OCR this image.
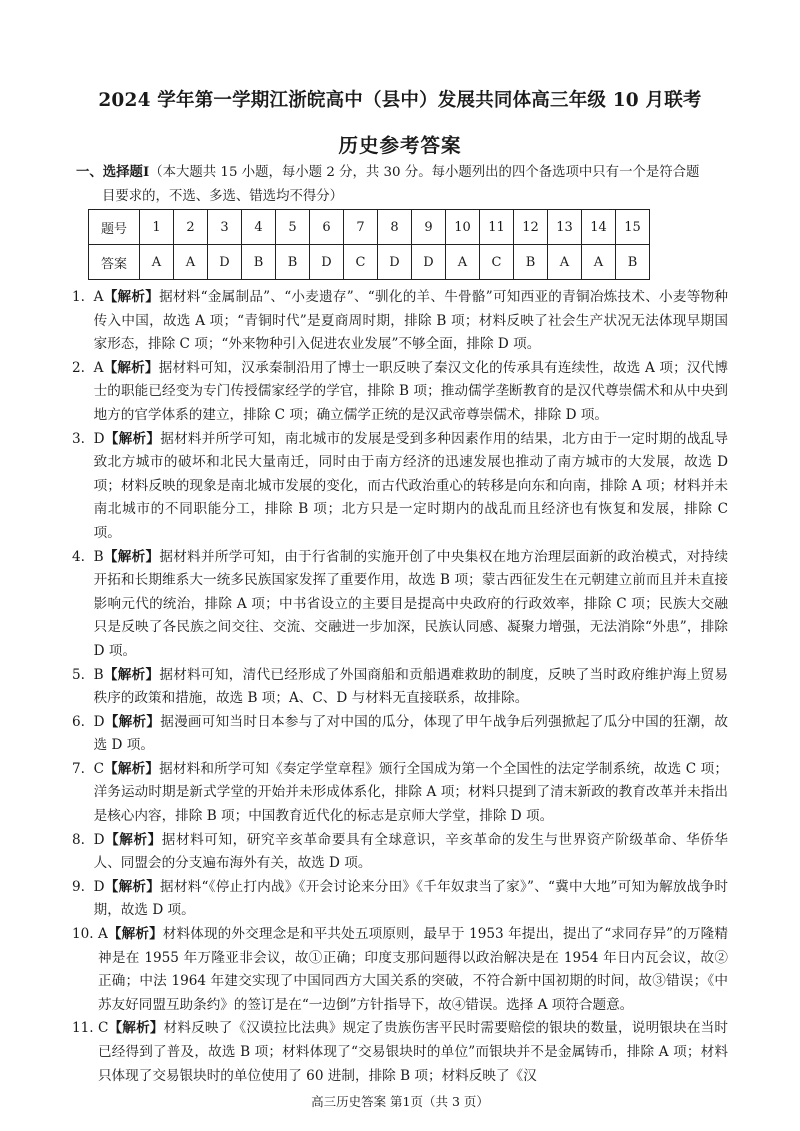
2024 学年第一学期江浙皖高中（县中）发展共同体高三年级 10 月联考
历史参考答案
一、选择题Ⅰ（本大题共 15 小题，每小题 2 分，共 30 分。每小题列出的四个备选项中只有一个是符合题
目要求的，不选、多选、错选均不得分）
题号	1	2	3	4	5	6	7	8	9	10	11	12	13	14	15
答案	A	A	D	B	B	D	C	D	D	A	C	B	A	A	B
1. A【解析】据材料“金属制品”、“小麦遗存”、“驯化的羊、牛骨骼”可知西亚的青铜冶炼技术、小麦等物种传入中国，故选 A 项；“青铜时代”是夏商周时期，排除 B 项；材料反映了社会生产状况无法体现早期国家形态，排除 C 项；“外来物种引入促进农业发展”不够全面，排除 D 项。
2. A【解析】据材料可知，汉承秦制沿用了博士一职反映了秦汉文化的传承具有连续性，故选 A 项；汉代博士的职能已经变为专门传授儒家经学的学官，排除 B 项；推动儒学垄断教育的是汉代尊崇儒术和从中央到地方的官学体系的建立，排除 C 项；确立儒学正统的是汉武帝尊崇儒术，排除 D 项。
3. D【解析】据材料并所学可知，南北城市的发展是受到多种因素作用的结果，北方由于一定时期的战乱导致北方城市的破坏和北民大量南迁，同时由于南方经济的迅速发展也推动了南方城市的大发展，故选 D 项；材料反映的现象是南北城市发展的变化，而古代政治重心的转移是向东和向南，排除 A 项；材料并未南北城市的不同职能分工，排除 B 项；北方只是一定时期内的战乱而且经济也有恢复和发展，排除 C 项。
4. B【解析】据材料并所学可知，由于行省制的实施开创了中央集权在地方治理层面新的政治模式，对持续开拓和长期维系大一统多民族国家发挥了重要作用，故选 B 项；蒙古西征发生在元朝建立前而且并未直接影响元代的统治，排除 A 项；中书省设立的主要目是提高中央政府的行政效率，排除 C 项；民族大交融只是反映了各民族之间交往、交流、交融进一步加深，民族认同感、凝聚力增强，无法消除“外患”，排除 D 项。
5. B【解析】据材料可知，清代已经形成了外国商船和贡船遇难救助的制度，反映了当时政府维护海上贸易秩序的政策和措施，故选 B 项；A、C、D 与材料无直接联系，故排除。
6. D【解析】据漫画可知当时日本参与了对中国的瓜分，体现了甲午战争后列强掀起了瓜分中国的狂潮，故选 D 项。
7. C【解析】据材料和所学可知《奏定学堂章程》颁行全国成为第一个全国性的法定学制系统，故选 C 项；洋务运动时期是新式学堂的开始并未形成体系化，排除 A 项；材料只提到了清末新政的教育改革并未指出是核心内容，排除 B 项；中国教育近代化的标志是京师大学堂，排除 D 项。
8. D【解析】据材料可知，研究辛亥革命要具有全球意识，辛亥革命的发生与世界资产阶级革命、华侨华人、同盟会的分支遍布海外有关，故选 D 项。
9. D【解析】据材料“《停止打内战》《开会讨论来分田》《千年奴隶当了家》”、“冀中大地”可知为解放战争时期，故选 D 项。
10. A【解析】材料体现的外交理念是和平共处五项原则，最早于 1953 年提出，提出了“求同存异”的万隆精神是在 1955 年万隆亚非会议，故①正确；印度支那问题得以政治解决是在 1954 年日内瓦会议，故②正确；中法 1964 年建交实现了中国同西方大国关系的突破，不符合新中国初期的时间，故③错误；《中苏友好同盟互助条约》的签订是在“一边倒”方针指导下，故④错误。选择 A 项符合题意。
11. C【解析】材料反映了《汉谟拉比法典》规定了贵族伤害平民时需要赔偿的银块的数量，说明银块在当时已经得到了普及，故选 B 项；材料体现了“交易银块时的单位”而银块并不是金属铸币，排除 A 项；材料只体现了交易银块时的单位使用了 60 进制，排除 B 项；材料反映了《汉
高三历史答案 第1页（共 3 页）
